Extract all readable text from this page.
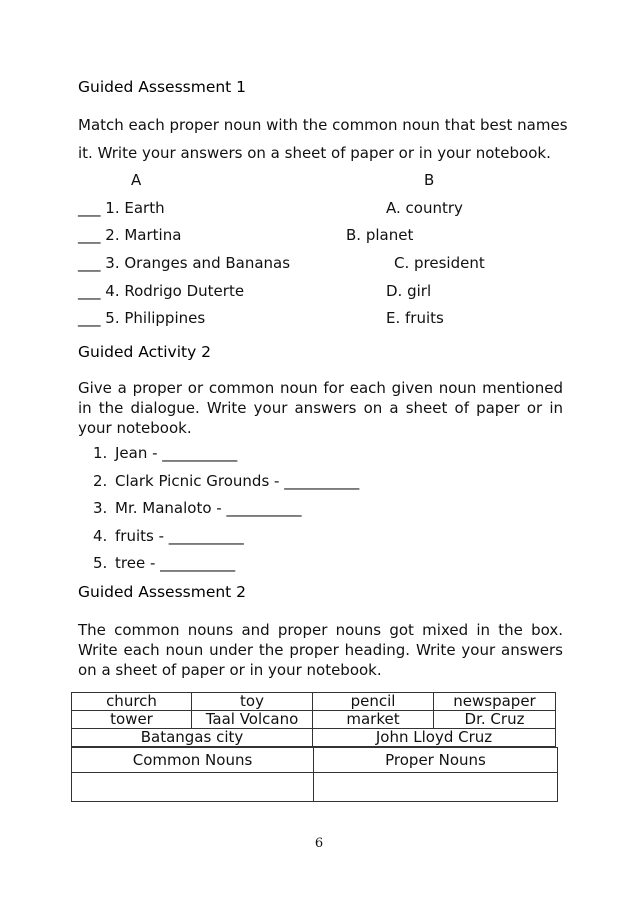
Guided Assessment 1
Match each proper noun with the common noun that best names
it. Write your answers on a sheet of paper or in your notebook.
A	B
___ 1. Earth	A. country
___ 2. Martina	B. planet
___ 3. Oranges and Bananas	C. president
___ 4. Rodrigo Duterte	D. girl
___ 5. Philippines	E. fruits
Guided Activity 2
Give a proper or common noun for each given noun mentioned in the dialogue. Write your answers on a sheet of paper or in your notebook.
1. Jean - __________
2. Clark Picnic Grounds - __________
3. Mr. Manaloto - __________
4. fruits - __________
5. tree - __________
Guided Assessment 2
The common nouns and proper nouns got mixed in the box. Write each noun under the proper heading. Write your answers on a sheet of paper or in your notebook.
church	toy	pencil	newspaper
tower	Taal Volcano	market	Dr. Cruz
Batangas city		John Lloyd Cruz	
Common Nouns	Proper Nouns

6
